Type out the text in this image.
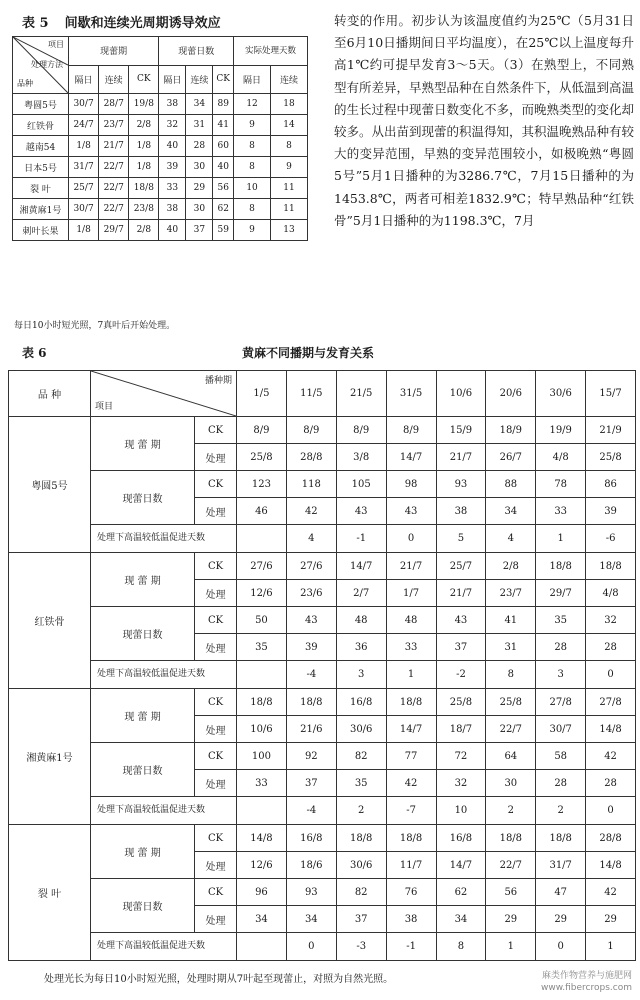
表 5 间歇和连续光周期诱导效应
项目
处理方法
品种	现蕾期			现蕾日数			实际处理天数	
	隔日	连续	CK	隔日	连续	CK	隔日	连续
粤圆5号	30/7	28/7	19/8	38	34	89	12	18
红铁骨	24/7	23/7	2/8	32	31	41	9	14
越南54	1/8	21/7	1/8	40	28	60	8	8
日本5号	31/7	22/7	1/8	39	30	40	8	9
裂 叶	25/7	22/7	18/8	33	29	56	10	11
湘黄麻1号	30/7	22/7	23/8	38	30	62	8	11
刺叶长果	1/8	29/7	2/8	40	37	59	9	13
每日10小时短光照，7真叶后开始处理。
转变的作用。初步认为该温度值约为25℃（5月31日至6月10日播期间日平均温度），在25℃以上温度每升高1℃约可提早发育3～5天。（3）在熟型上，不同熟型有所差异，早熟型品种在自然条件下，从低温到高温的生长过程中现蕾日数变化不多，而晚熟类型的变化却较多。从出苗到现蕾的积温得知，其积温晚熟品种有较大的变异范围，早熟的变异范围较小，如极晚熟“粤圆5号”5月1日播种的为3286.7℃，7月15日播种的为1453.8℃，两者可相差1832.9℃；特早熟品种“红铁骨”5月1日播种的为1198.3℃，7月
表 6	黄麻不同播期与发育关系
品 种	播种期
项目		1/5	11/5	21/5	31/5	10/6	20/6	30/6	15/7
粤圆5号	现 蕾 期	CK	8/9	8/9	8/9	8/9	15/9	18/9	19/9	21/9
		处理	25/8	28/8	3/8	14/7	21/7	26/7	4/8	25/8
	现蕾日数	CK	123	118	105	98	93	88	78	86
		处理	46	42	43	43	38	34	33	39
	处理下高温较低温促进天数			4	-1	0	5	4	1	-6
红铁骨	现 蕾 期	CK	27/6	27/6	14/7	21/7	25/7	2/8	18/8	18/8
		处理	12/6	23/6	2/7	1/7	21/7	23/7	29/7	4/8
	现蕾日数	CK	50	43	48	48	43	41	35	32
		处理	35	39	36	33	37	31	28	28
	处理下高温较低温促进天数			-4	3	1	-2	8	3	0
湘黄麻1号	现 蕾 期	CK	18/8	18/8	16/8	18/8	25/8	25/8	27/8	27/8
		处理	10/6	21/6	30/6	14/7	18/7	22/7	30/7	14/8
	现蕾日数	CK	100	92	82	77	72	64	58	42
		处理	33	37	35	42	32	30	28	28
	处理下高温较低温促进天数			-4	2	-7	10	2	2	0
裂 叶	现 蕾 期	CK	14/8	16/8	18/8	18/8	16/8	18/8	18/8	28/8
		处理	12/6	18/6	30/6	11/7	14/7	22/7	31/7	14/8
	现蕾日数	CK	96	93	82	76	62	56	47	42
		处理	34	34	37	38	34	29	29	29
	处理下高温较低温促进天数			0	-3	-1	8	1	0	1
处理光长为每日10小时短光照，处理时期从7叶起至现蕾止，对照为自然光照。	麻类作物营养与施肥网
www.fibercrops.com
